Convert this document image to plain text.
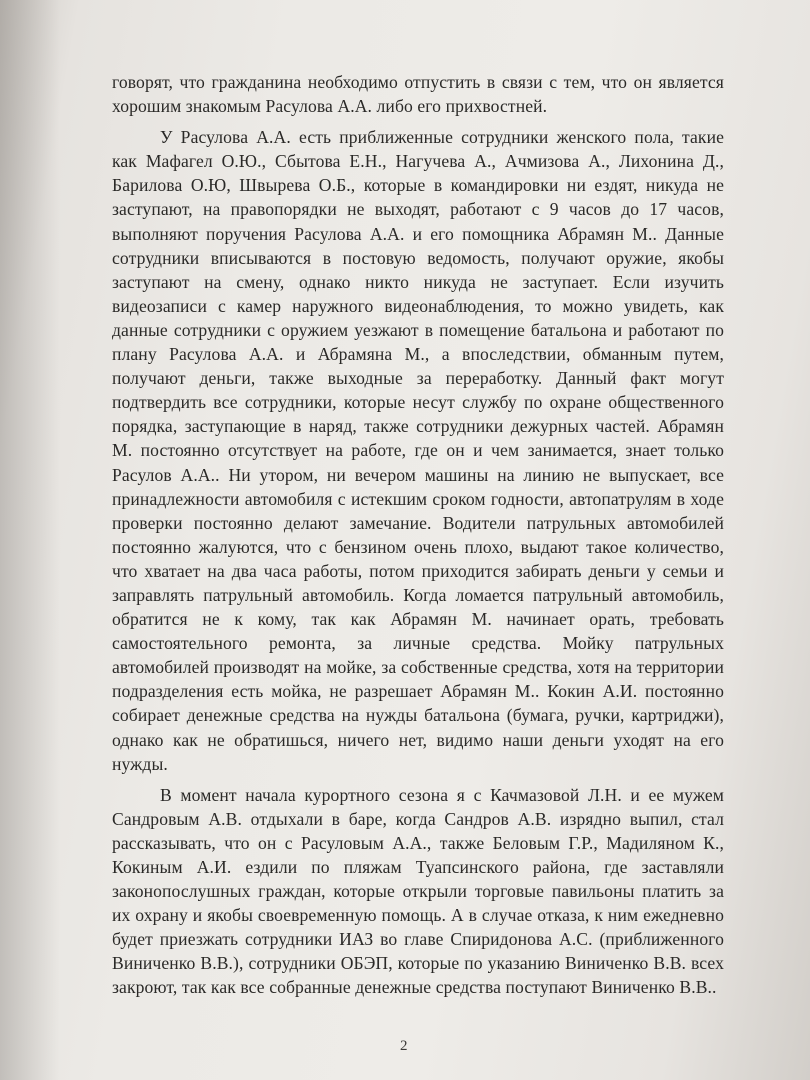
говорят, что гражданина необходимо отпустить в связи с тем, что он является хорошим знакомым Расулова А.А. либо его прихвостней.

У Расулова А.А. есть приближенные сотрудники женского пола, такие как Мафагел О.Ю., Сбытова Е.Н., Нагучева А., Ачмизова А., Лихонина Д., Барилова О.Ю, Швырева О.Б., которые в командировки ни ездят, никуда не заступают, на правопорядки не выходят, работают с 9 часов до 17 часов, выполняют поручения Расулова А.А. и его помощника Абрамян М.. Данные сотрудники вписываются в постовую ведомость, получают оружие, якобы заступают на смену, однако никто никуда не заступает. Если изучить видеозаписи с камер наружного видеонаблюдения, то можно увидеть, как данные сотрудники с оружием уезжают в помещение батальона и работают по плану Расулова А.А. и Абрамяна М., а впоследствии, обманным путем, получают деньги, также выходные за переработку. Данный факт могут подтвердить все сотрудники, которые несут службу по охране общественного порядка, заступающие в наряд, также сотрудники дежурных частей. Абрамян М. постоянно отсутствует на работе, где он и чем занимается, знает только Расулов А.А.. Ни утором, ни вечером машины на линию не выпускает, все принадлежности автомобиля с истекшим сроком годности, автопатрулям в ходе проверки постоянно делают замечание. Водители патрульных автомобилей постоянно жалуются, что с бензином очень плохо, выдают такое количество, что хватает на два часа работы, потом приходится забирать деньги у семьи и заправлять патрульный автомобиль. Когда ломается патрульный автомобиль, обратится не к кому, так как Абрамян М. начинает орать, требовать самостоятельного ремонта, за личные средства. Мойку патрульных автомобилей производят на мойке, за собственные средства, хотя на территории подразделения есть мойка, не разрешает Абрамян М.. Кокин А.И. постоянно собирает денежные средства на нужды батальона (бумага, ручки, картриджи), однако как не обратишься, ничего нет, видимо наши деньги уходят на его нужды.

В момент начала курортного сезона я с Качмазовой Л.Н. и ее мужем Сандровым А.В. отдыхали в баре, когда Сандров А.В. изрядно выпил, стал рассказывать, что он с Расуловым А.А., также Беловым Г.Р., Мадиляном К., Кокиным А.И. ездили по пляжам Туапсинского района, где заставляли законопослушных граждан, которые открыли торговые павильоны платить за их охрану и якобы своевременную помощь. А в случае отказа, к ним ежедневно будет приезжать сотрудники ИАЗ во главе Спиридонова А.С. (приближенного Виниченко В.В.), сотрудники ОБЭП, которые по указанию Виниченко В.В. всех закроют, так как все собранные денежные средства поступают Виниченко В.В..

2
